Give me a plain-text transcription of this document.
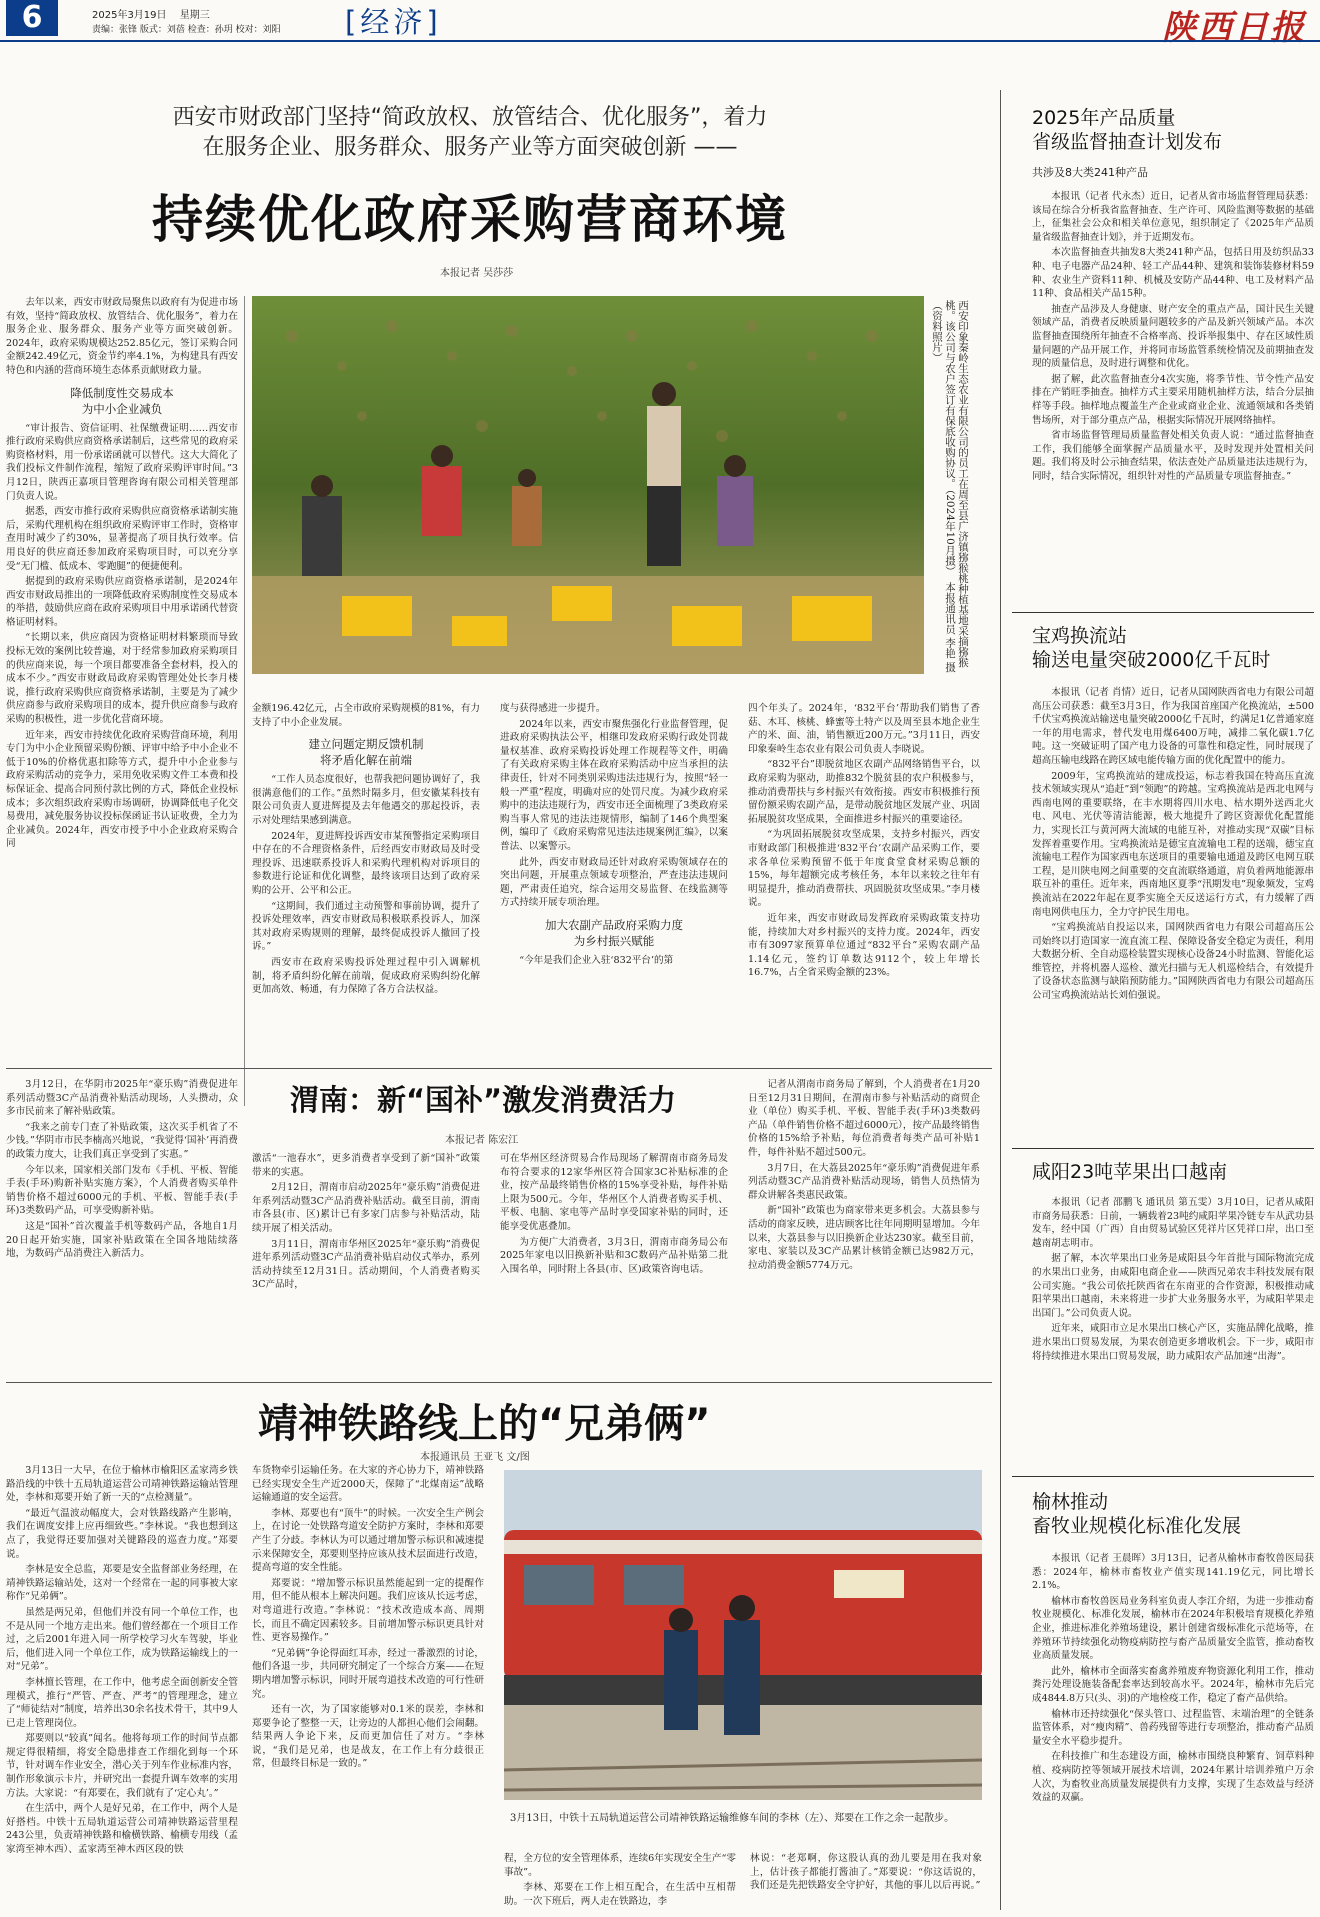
6	2025年3月19日 星期三
责编：张锋 版式：刘蓓 检查：孙玥 校对：刘阳 [经济]	陕西日报
西安市财政部门坚持“简政放权、放管结合、优化服务”，着力
在服务企业、服务群众、服务产业等方面突破创新 ——
持续优化政府采购营商环境
本报记者 吴莎莎
西安印象秦岭生态农业有限公司的员工在周至县广济镇猕猴桃种植基地采摘猕猴桃。该公司与农户签订有保底收购协议。（2024年10月摄）　本报通讯员 李艳 摄（资料照片）

去年以来，西安市财政局聚焦以政府有为促进市场有效，坚持“简政放权、放管结合、优化服务”，着力在服务企业、服务群众、服务产业等方面突破创新。2024年，政府采购规模达252.85亿元，签订采购合同金额242.49亿元，资金节约率4.1%，为构建具有西安特色和内涵的营商环境生态体系贡献财政力量。

降低制度性交易成本
为中小企业减负

“审计报告、资信证明、社保缴费证明……西安市推行政府采购供应商资格承诺制后，这些常见的政府采购资格材料，用一份承诺函就可以替代。这大大简化了我们投标文件制作流程，缩短了政府采购评审时间。”3月12日，陕西正嘉项目管理咨询有限公司相关管理部门负责人说。

据悉，西安市推行政府采购供应商资格承诺制实施后，采购代理机构在组织政府采购评审工作时，资格审查用时减少了约30%，显著提高了项目执行效率。信用良好的供应商还参加政府采购项目时，可以充分享受“无门槛、低成本、零跑腿”的便捷便利。

据提到的政府采购供应商资格承诺制，是2024年西安市财政局推出的一项降低政府采购制度性交易成本的举措，鼓励供应商在政府采购项目中用承诺函代替资格证明材料。

“长期以来，供应商因为资格证明材料繁琐而导致投标无效的案例比较普遍，对于经常参加政府采购项目的供应商来说，每一个项目都要准备全套材料，投入的成本不少。”西安市财政局政府采购管理处处长李月楼说，推行政府采购供应商资格承诺制，主要是为了减少供应商参与政府采购项目的成本，提升供应商参与政府采购的积极性，进一步优化营商环境。

近年来，西安市持续优化政府采购营商环境，利用专门为中小企业预留采购份额、评审中给予中小企业不低于10%的价格优惠扣除等方式，提升中小企业参与政府采购活动的竞争力，采用免收采购文件工本费和投标保证金、提高合同预付款比例的方式，降低企业投标成本；多次组织政府采购市场调研，协调降低电子化交易费用，减免服务协议投标保函证书认证收费，全力为企业减负。2024年，西安市授予中小企业政府采购合同

金额196.42亿元，占全市政府采购规模的81%，有力支持了中小企业发展。

建立问题定期反馈机制
将矛盾化解在前端

“工作人员态度很好，也帮我把问题协调好了，我很满意他们的工作。”虽然时隔多月，但安徽某科技有限公司负责人夏进辉提及去年他遇交的那起投诉，表示对处理结果感到满意。

2024年，夏进辉投诉西安市某预警指定采购项目中存在的不合理资格条件，后经西安市财政局及时受理投诉、迅速联系投诉人和采购代理机构对诉项目的参数进行论证和优化调整，最终该项目达到了政府采购的公开、公平和公正。

“这期间，我们通过主动预警和事前协调，提升了投诉处理效率，西安市财政局积极联系投诉人，加深其对政府采购规则的理解，最终促成投诉人撤回了投诉。”

西安市在政府采购投诉处理过程中引入调解机制，将矛盾纠纷化解在前端，促成政府采购纠纷化解更加高效、畅通，有力保障了各方合法权益。

度与获得感进一步提升。

2024年以来，西安市聚焦强化行业监督管理，促进政府采购执法公平，相继印发政府采购行政处罚裁量权基准、政府采购投诉处理工作规程等文件，明确了有关政府采购主体在政府采购活动中应当承担的法律责任，针对不同类别采购违法违规行为，按照“轻一般一严重”程度，明确对应的处罚尺度。为减少政府采购中的违法违规行为，西安市还全面梳理了3类政府采购当事人常见的违法违规情形，编制了146个典型案例，编印了《政府采购常见违法违规案例汇编》，以案普法、以案警示。

此外，西安市财政局还针对政府采购领域存在的突出问题，开展重点领域专项整治，严查违法违规问题，严肃责任追究，综合运用交易监督、在线监测等方式持续开展专项治理。

加大农副产品政府采购力度
为乡村振兴赋能

“今年是我们企业入驻‘832平台’的第

四个年头了。2024年，‘832平台’帮助我们销售了香菇、木耳、核桃、蜂蜜等土特产以及周至县本地企业生产的米、面、油，销售额近200万元。”3月11日，西安印象秦岭生态农业有限公司负责人李晓说。

“832平台”即脱贫地区农副产品网络销售平台，以政府采购为驱动，助推832个脱贫县的农户积极参与，推动消费帮扶与乡村振兴有效衔接。西安市积极推行预留份额采购农副产品，是带动脱贫地区发展产业、巩固拓展脱贫攻坚成果，全面推进乡村振兴的重要途径。

“为巩固拓展脱贫攻坚成果，支持乡村振兴，西安市财政部门积极推进‘832平台’农副产品采购工作，要求各单位采购预留不低于年度食堂食材采购总额的15%，每年超额完成考核任务，本年以来较之往年有明显提升，推动消费帮扶、巩固脱贫攻坚成果。”李月楼说。

近年来，西安市财政局发挥政府采购政策支持功能，持续加大对乡村振兴的支持力度。2024年，西安市有3097家预算单位通过“832平台”采购农副产品1.14亿元，签约订单数达9112个，较上年增长16.7%，占全省采购金额的23%。

渭南：新“国补”激发消费活力
本报记者 陈宏江

3月12日，在华阴市2025年“豪乐购”消费促进年系列活动暨3C产品消费补贴活动现场，人头攒动，众多市民前来了解补贴政策。

“我来之前专门查了补贴政策，这次买手机省了不少钱。”华阴市市民李楠高兴地说，“我觉得‘国补’再消费的政策力度大，让我们真正享受到了实惠。”

今年以来，国家相关部门发布《手机、平板、智能手表(手环)购新补贴实施方案》，个人消费者购买单件销售价格不超过6000元的手机、平板、智能手表(手环)3类数码产品，可享受购新补贴。

这是“国补”首次覆盖手机等数码产品，各地自1月20日起开始实施，国家补贴政策在全国各地陆续落地，为数码产品消费注入新活力。

激活“一池春水”，更多消费者享受到了新“国补”政策带来的实惠。

2月12日，渭南市启动2025年“豪乐购”消费促进年系列活动暨3C产品消费补贴活动。截至目前，渭南市各县(市、区)累计已有多家门店参与补贴活动，陆续开展了相关活动。

3月11日，渭南市华州区2025年“豪乐购”消费促进年系列活动暨3C产品消费补贴启动仪式举办，系列活动持续至12月31日。活动期间，个人消费者购买3C产品时，

可在华州区经济贸易合作局现场了解渭南市商务局发布符合要求的12家华州区符合国家3C补贴标准的企业，按产品最终销售价格的15%享受补贴，每件补贴上限为500元。今年，华州区个人消费者购买手机、平板、电脑、家电等产品时享受国家补贴的同时，还能享受优惠叠加。

为方便广大消费者，3月3日，渭南市商务局公布2025年家电以旧换新补贴和3C数码产品补贴第二批入围名单，同时附上各县(市、区)政策咨询电话。

记者从渭南市商务局了解到，个人消费者在1月20日至12月31日期间，在渭南市参与补贴活动的商贸企业（单位）购买手机、平板、智能手表(手环)3类数码产品（单件销售价格不超过6000元），按产品最终销售价格的15%给予补贴，每位消费者每类产品可补贴1件，每件补贴不超过500元。

3月7日，在大荔县2025年“豪乐购”消费促进年系列活动暨3C产品消费补贴活动现场，销售人员热情为群众讲解各类惠民政策。

新“国补”政策也为商家带来更多机会。大荔县参与活动的商家反映，进店顾客比往年同期明显增加。今年以来，大荔县参与以旧换新企业达230家。截至目前，家电、家装以及3C产品累计核销金额已达982万元，拉动消费金额5774万元。

靖神铁路线上的“兄弟俩”
本报通讯员 王亚飞 文/图

3月13日一大早，在位于榆林市榆阳区孟家湾乡铁路沿线的中铁十五局轨道运营公司靖神铁路运输站管理处，李林和郑要开始了新一天的“点检测量”。

“最近气温波动幅度大，会对铁路线路产生影响，我们在调度安排上应再细致些。”李林说。“我也想到这点了，我觉得还要加强对关键路段的巡查力度。”郑要说。

李林是安全总监，郑要是安全监督部业务经理，在靖神铁路运输站处，这对一个经常在一起的同事被大家称作“兄弟俩”。

虽然是两兄弟，但他们并没有同一个单位工作，也不是从同一个地方走出来。他们曾经都在一个项目工作过，之后2001年进入同一所学校学习火车驾驶，毕业后，他们进入同一个单位工作，成为铁路运输线上的一对“兄弟”。

李林擅长管理，在工作中，他考虑全面创新安全管理模式，推行“严管、严查、严考”的管理理念，建立了“师徒结对”制度，培养出30余名技术骨干，其中9人已走上管理岗位。

郑要则以“较真”闻名。他将每项工作的时间节点都规定得很精细，将安全隐患排查工作细化到每一个环节，针对调车作业安全，潜心关于列车作业标准内容，制作形象演示卡片，并研究出一套提升调车效率的实用方法。大家说：“有郑要在，我们就有了‘定心丸’。”

在生活中，两个人是好兄弟，在工作中，两个人是好搭档。中铁十五局轨道运营公司靖神铁路运营里程243公里，负责靖神铁路和榆横铁路、榆横专用线（孟家湾至神木西）、孟家湾至神木西区段的铁

车货物牵引运输任务。在大家的齐心协力下，靖神铁路已经实现安全生产近2000天，保障了“北煤南运”战略运输通道的安全运营。

李林、郑要也有“顶牛”的时候。一次安全生产例会上，在讨论一处铁路弯道安全防护方案时，李林和郑要产生了分歧。李林认为可以通过增加警示标识和减速提示来保障安全，郑要则坚持应该从技术层面进行改造，提高弯道的安全性能。

郑要说：“增加警示标识虽然能起到一定的提醒作用，但不能从根本上解决问题。我们应该从长远考虑，对弯道进行改造。”李林说：“技术改造成本高、周期长，而且不确定因素较多。目前增加警示标识更具针对性、更容易操作。”

“兄弟俩”争论得面红耳赤，经过一番激烈的讨论，他们各退一步，共同研究制定了一个综合方案——在短期内增加警示标识，同时开展弯道技术改造的可行性研究。

还有一次，为了国家能够对0.1米的误差，李林和郑要争论了整整一天，让旁边的人都担心他们会闹翻。结果两人争论下来，反而更加信任了对方。“李林说，“我们是兄弟，也是战友，在工作上有分歧很正常，但最终目标是一致的。”

3月13日，中铁十五局轨道运营公司靖神铁路运输维修车间的李林（左）、郑要在工作之余一起散步。

程，全方位的安全管理体系，连续6年实现安全生产“零事故”。

李林、郑要在工作上相互配合，在生活中互相帮助。一次下班后，两人走在铁路边，李

林说：“老郑啊，你这股认真的劲儿要是用在我对象上，估计孩子都能打酱油了。”郑要说：“你这话说的，我们还是先把铁路安全守护好，其他的事儿以后再说。”

2025年产品质量
省级监督抽查计划发布
共涉及8大类241种产品

本报讯（记者 代永杰）近日，记者从省市场监督管理局获悉：该局在综合分析我省监督抽查、生产许可、风险监测等数据的基础上，征集社会公众和相关单位意见，组织制定了《2025年产品质量省级监督抽查计划》，并于近期发布。

本次监督抽查共抽发8大类241种产品，包括日用及纺织品33种、电子电器产品24种、轻工产品44种、建筑和装饰装修材料59种、农业生产资料11种、机械及安防产品44种、电工及材料产品11种、食品相关产品15种。

抽查产品涉及人身健康、财产安全的重点产品，国计民生关键领域产品，消费者反映质量问题较多的产品及新兴领域产品。本次监督抽查围绕所年抽查不合格率高、投诉举报集中、存在区域性质量问题的产品开展工作，并将同市场监管系统检情况及前期抽查发现的质量信息，及时进行调整和优化。

据了解，此次监督抽查分4次实施，将季节性、节令性产品安排在产销旺季抽查。抽样方式主要采用随机抽样方法，结合分层抽样等手段。抽样地点覆盖生产企业或商业企业、流通领域和各类销售场所，对于部分重点产品，根据实际情况开展网络抽样。

省市场监督管理局质量监督处相关负责人说：“通过监督抽查工作，我们能够全面掌握产品质量水平，及时发现并处置相关问题。我们将及时公示抽查结果，依法查处产品质量违法违规行为，同时，结合实际情况，组织针对性的产品质量专项监督抽查。”

宝鸡换流站
输送电量突破2000亿千瓦时

本报讯（记者 肖情）近日，记者从国网陕西省电力有限公司超高压公司获悉：截至3月3日，作为我国首座国产化换流站，±500千伏宝鸡换流站输送电量突破2000亿千瓦时，约满足1亿普通家庭一年的用电需求，替代发电用煤6400万吨，减排二氧化碳1.7亿吨。这一突破证明了国产电力设备的可靠性和稳定性，同时展现了超高压输电线路在跨区域电能传输方面的优化配置中的能力。

2009年，宝鸡换流站的建成投运，标志着我国在特高压直流技术领域实现从“追赶”到“领跑”的跨越。宝鸡换流站是西北电网与西南电网的重要联络，在丰水期将四川水电、枯水期外送西北火电、风电、光伏等清洁能源，极大地提升了跨区资源优化配置能力，实现长江与黄河两大流域的电能互补，对推动实现“双碳”目标发挥着重要作用。宝鸡换流站是德宝直流输电工程的送端，德宝直流输电工程作为国家西电东送项目的重要输电通道及跨区电网互联工程，是川陕电网之间重要的交直流联络通道，肩负着两地能源串联互补的重任。近年来，西南地区夏季“汛期发电”现象频发，宝鸡换流站在2022年起在夏季实施全天反送运行方式，有力缓解了西南电网供电压力，全力守护民生用电。

“宝鸡换流站自投运以来，国网陕西省电力有限公司超高压公司始终以打造国家一流直流工程、保障设备安全稳定为责任，利用大数据分析、全自动巡检装置实现核心设备24小时监测、智能化运维管控，并将机器人巡检、激光扫描与无人机巡检结合，有效提升了设备状态监测与缺陷预防能力。”国网陕西省电力有限公司超高压公司宝鸡换流站站长刘伯强说。

咸阳23吨苹果出口越南

本报讯（记者 邵鹏飞 通讯员 第五雯）3月10日，记者从咸阳市商务局获悉：日前，一辆载着23吨约咸阳苹果冷链专车从武功县发车，经中国（广西）自由贸易试验区凭祥片区凭祥口岸，出口至越南胡志明市。

据了解，本次苹果出口业务是咸阳县今年首批与国际物流完成的水果出口业务，由咸阳电商企业——陕西兄弟农丰科技发展有限公司实施。“我公司依托陕西省在东南亚的合作资源，积极推动咸阳苹果出口越南，未来将进一步扩大业务服务水平，为咸阳苹果走出国门。”公司负责人说。

近年来，咸阳市立足水果出口核心产区，实施品牌化战略，推进水果出口贸易发展，为果农创造更多增收机会。下一步，咸阳市将持续推进水果出口贸易发展，助力咸阳农产品加速“出海”。

榆林推动
畜牧业规模化标准化发展

本报讯（记者 王晨晖）3月13日，记者从榆林市畜牧兽医局获悉：2024年，榆林市畜牧业产值实现141.19亿元，同比增长2.1%。

榆林市畜牧兽医局业务科室负责人李江介绍，为进一步推动畜牧业规模化、标准化发展，榆林市在2024年积极培育规模化养殖企业，推进标准化养殖场建设，累计创建省级标准化示范场等，在养殖环节持续强化动物疫病防控与畜产品质量安全监管，推动畜牧业高质量发展。

此外，榆林市全面落实畜禽养殖废弃物资源化利用工作，推动粪污处理设施装备配套率达到较高水平。2024年，榆林市先后完成4844.8万只(头、羽)的产地检疫工作，稳定了畜产品供给。

榆林市还持续强化“保头管口、过程监管、末端治理”的全链条监管体系，对“瘦肉精”、兽药残留等进行专项整治，推动畜产品质量安全水平稳步提升。

在科技推广和生态建设方面，榆林市围绕良种繁育、饲草料种植、疫病防控等领域开展技术培训，2024年累计培训养殖户万余人次，为畜牧业高质量发展提供有力支撑，实现了生态效益与经济效益的双赢。
